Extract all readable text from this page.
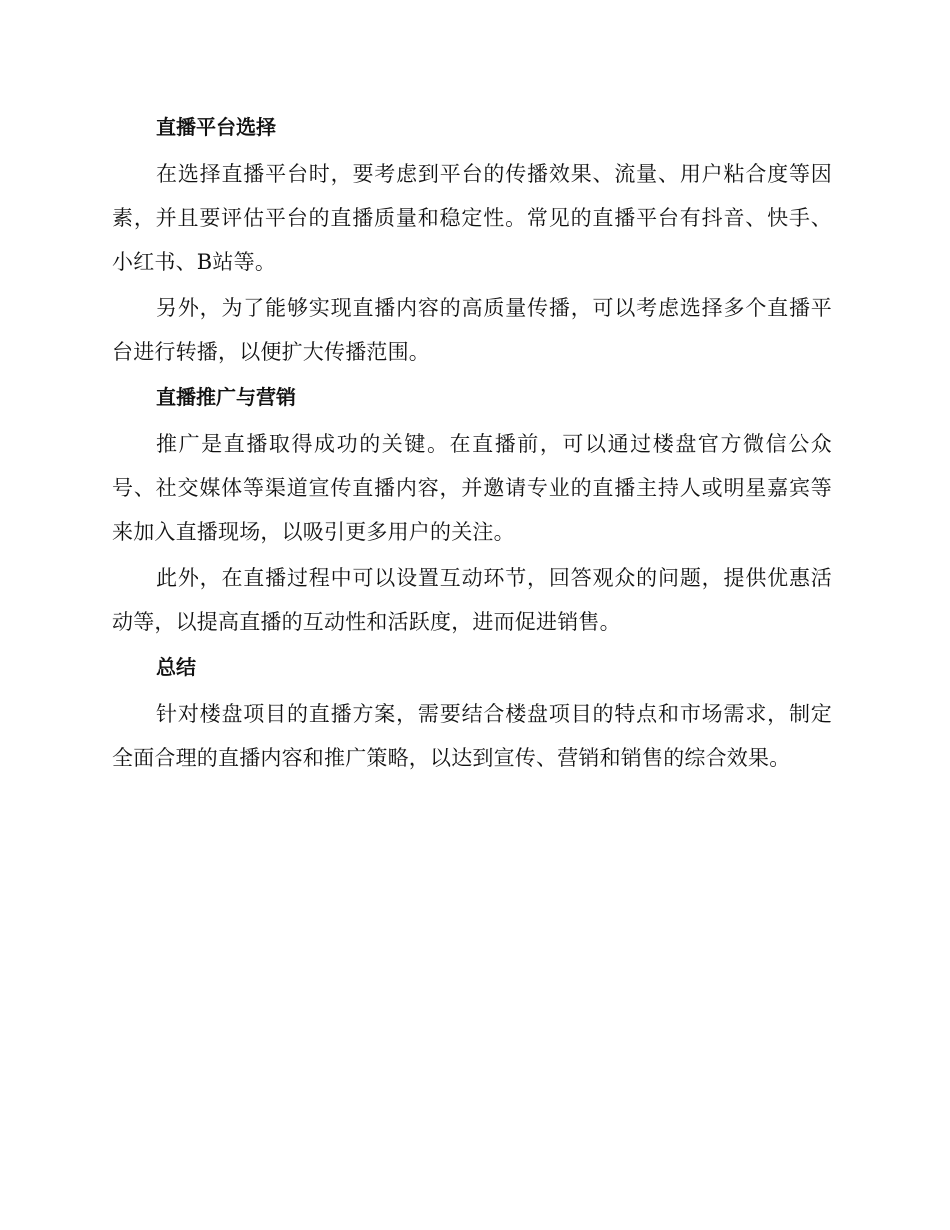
直播平台选择

在选择直播平台时，要考虑到平台的传播效果、流量、用户粘合度等因素，并且要评估平台的直播质量和稳定性。常见的直播平台有抖音、快手、小红书、B站等。

另外，为了能够实现直播内容的高质量传播，可以考虑选择多个直播平台进行转播，以便扩大传播范围。

直播推广与营销

推广是直播取得成功的关键。在直播前，可以通过楼盘官方微信公众号、社交媒体等渠道宣传直播内容，并邀请专业的直播主持人或明星嘉宾等来加入直播现场，以吸引更多用户的关注。

此外，在直播过程中可以设置互动环节，回答观众的问题，提供优惠活动等，以提高直播的互动性和活跃度，进而促进销售。

总结

针对楼盘项目的直播方案，需要结合楼盘项目的特点和市场需求，制定全面合理的直播内容和推广策略，以达到宣传、营销和销售的综合效果。
